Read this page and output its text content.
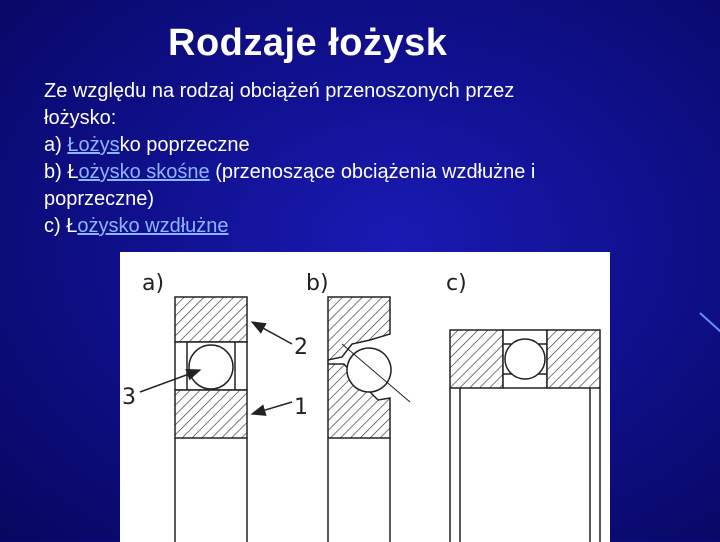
Rodzaje łożysk
Ze względu na rodzaj obciążeń przenoszonych przez
łożysko:
a) Łożysko poprzeczne
b) Łożysko skośne (przenoszące obciążenia wzdłużne i
poprzeczne)
c) Łożysko wzdłużne
a)	b)	c)
2
1
3
